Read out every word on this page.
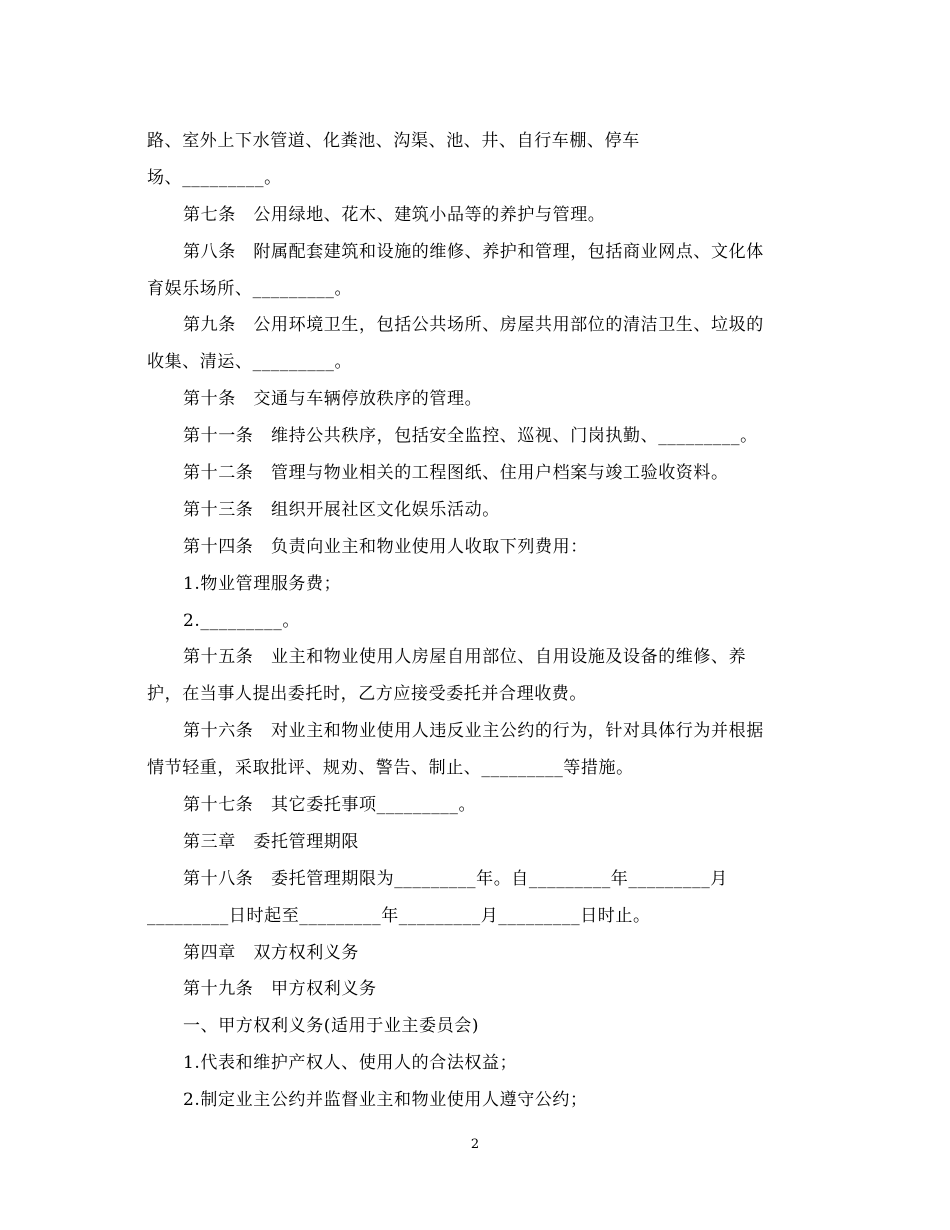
路、室外上下水管道、化粪池、沟渠、池、井、自行车棚、停车
场、_________。
第七条　公用绿地、花木、建筑小品等的养护与管理。
第八条　附属配套建筑和设施的维修、养护和管理，包括商业网点、文化体
育娱乐场所、_________。
第九条　公用环境卫生，包括公共场所、房屋共用部位的清洁卫生、垃圾的
收集、清运、_________。
第十条　交通与车辆停放秩序的管理。
第十一条　维持公共秩序，包括安全监控、巡视、门岗执勤、_________。
第十二条　管理与物业相关的工程图纸、住用户档案与竣工验收资料。
第十三条　组织开展社区文化娱乐活动。
第十四条　负责向业主和物业使用人收取下列费用：
1.物业管理服务费；
2._________。
第十五条　业主和物业使用人房屋自用部位、自用设施及设备的维修、养
护，在当事人提出委托时，乙方应接受委托并合理收费。
第十六条　对业主和物业使用人违反业主公约的行为，针对具体行为并根据
情节轻重，采取批评、规劝、警告、制止、_________等措施。
第十七条　其它委托事项_________。
第三章　委托管理期限
第十八条　委托管理期限为_________年。自_________年_________月
_________日时起至_________年_________月_________日时止。
第四章　双方权利义务
第十九条　甲方权利义务
一、甲方权利义务(适用于业主委员会)
1.代表和维护产权人、使用人的合法权益；
2.制定业主公约并监督业主和物业使用人遵守公约；
2
